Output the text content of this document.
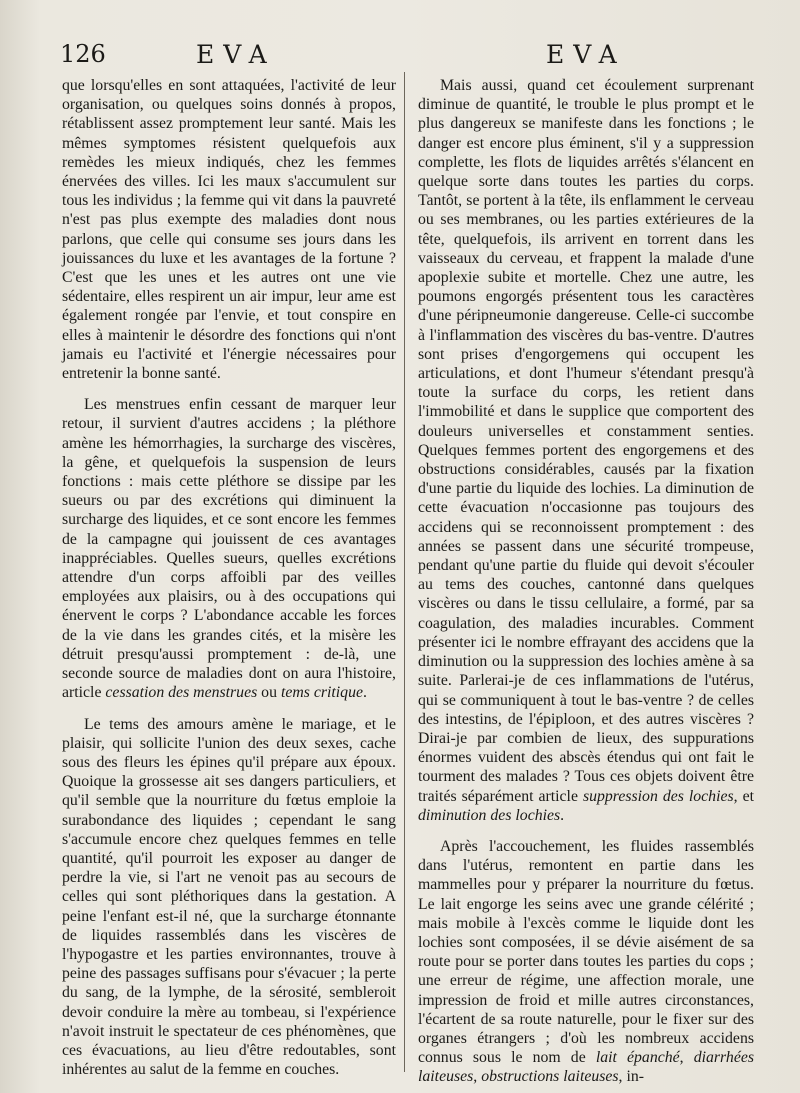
126	EVA	EVA

que lorsqu'elles en sont attaquées, l'activité de leur organisation, ou quelques soins donnés à propos, rétablissent assez promptement leur santé. Mais les mêmes symptomes résistent quelquefois aux remèdes les mieux indiqués, chez les femmes énervées des villes. Ici les maux s'accumulent sur tous les individus ; la femme qui vit dans la pauvreté n'est pas plus exempte des maladies dont nous parlons, que celle qui consume ses jours dans les jouissances du luxe et les avantages de la fortune ? C'est que les unes et les autres ont une vie sédentaire, elles respirent un air impur, leur ame est également rongée par l'envie, et tout conspire en elles à maintenir le désordre des fonctions qui n'ont jamais eu l'activité et l'énergie nécessaires pour entretenir la bonne santé.

Les menstrues enfin cessant de marquer leur retour, il survient d'autres accidens ; la pléthore amène les hémorrhagies, la surcharge des viscères, la gêne, et quelquefois la suspension de leurs fonctions : mais cette pléthore se dissipe par les sueurs ou par des excrétions qui diminuent la surcharge des liquides, et ce sont encore les femmes de la campagne qui jouissent de ces avantages inappréciables. Quelles sueurs, quelles excrétions attendre d'un corps affoibli par des veilles employées aux plaisirs, ou à des occupations qui énervent le corps ? L'abondance accable les forces de la vie dans les grandes cités, et la misère les détruit presqu'aussi promptement : de-là, une seconde source de maladies dont on aura l'histoire, article cessation des menstrues ou tems critique.

Le tems des amours amène le mariage, et le plaisir, qui sollicite l'union des deux sexes, cache sous des fleurs les épines qu'il prépare aux époux. Quoique la grossesse ait ses dangers particuliers, et qu'il semble que la nourriture du fœtus emploie la surabondance des liquides ; cependant le sang s'accumule encore chez quelques femmes en telle quantité, qu'il pourroit les exposer au danger de perdre la vie, si l'art ne venoit pas au secours de celles qui sont pléthoriques dans la gestation. A peine l'enfant est-il né, que la surcharge étonnante de liquides rassemblés dans les viscères de l'hypogastre et les parties environnantes, trouve à peine des passages suffisans pour s'évacuer ; la perte du sang, de la lymphe, de la sérosité, sembleroit devoir conduire la mère au tombeau, si l'expérience n'avoit instruit le spectateur de ces phénomènes, que ces évacuations, au lieu d'être redoutables, sont inhérentes au salut de la femme en couches.

Mais aussi, quand cet écoulement surprenant diminue de quantité, le trouble le plus prompt et le plus dangereux se manifeste dans les fonctions ; le danger est encore plus éminent, s'il y a suppression complette, les flots de liquides arrêtés s'élancent en quelque sorte dans toutes les parties du corps. Tantôt, se portent à la tête, ils enflamment le cerveau ou ses membranes, ou les parties extérieures de la tête, quelquefois, ils arrivent en torrent dans les vaisseaux du cerveau, et frappent la malade d'une apoplexie subite et mortelle. Chez une autre, les poumons engorgés présentent tous les caractères d'une péripneumonie dangereuse. Celle-ci succombe à l'inflammation des viscères du bas-ventre. D'autres sont prises d'engorgemens qui occupent les articulations, et dont l'humeur s'étendant presqu'à toute la surface du corps, les retient dans l'immobilité et dans le supplice que comportent des douleurs universelles et constamment senties. Quelques femmes portent des engorgemens et des obstructions considérables, causés par la fixation d'une partie du liquide des lochies. La diminution de cette évacuation n'occasionne pas toujours des accidens qui se reconnoissent promptement : des années se passent dans une sécurité trompeuse, pendant qu'une partie du fluide qui devoit s'écouler au tems des couches, cantonné dans quelques viscères ou dans le tissu cellulaire, a formé, par sa coagulation, des maladies incurables. Comment présenter ici le nombre effrayant des accidens que la diminution ou la suppression des lochies amène à sa suite. Parlerai-je de ces inflammations de l'utérus, qui se communiquent à tout le bas-ventre ? de celles des intestins, de l'épiploon, et des autres viscères ? Dirai-je par combien de lieux, des suppurations énormes vuident des abscès étendus qui ont fait le tourment des malades ? Tous ces objets doivent être traités séparément article suppression des lochies, et diminution des lochies.

Après l'accouchement, les fluides rassemblés dans l'utérus, remontent en partie dans les mammelles pour y préparer la nourriture du fœtus. Le lait engorge les seins avec une grande célérité ; mais mobile à l'excès comme le liquide dont les lochies sont composées, il se dévie aisément de sa route pour se porter dans toutes les parties du cops ; une erreur de régime, une affection morale, une impression de froid et mille autres circonstances, l'écartent de sa route naturelle, pour le fixer sur des organes étrangers ; d'où les nombreux accidens connus sous le nom de lait épanché, diarrhées laiteuses, obstructions laiteuses, in-
